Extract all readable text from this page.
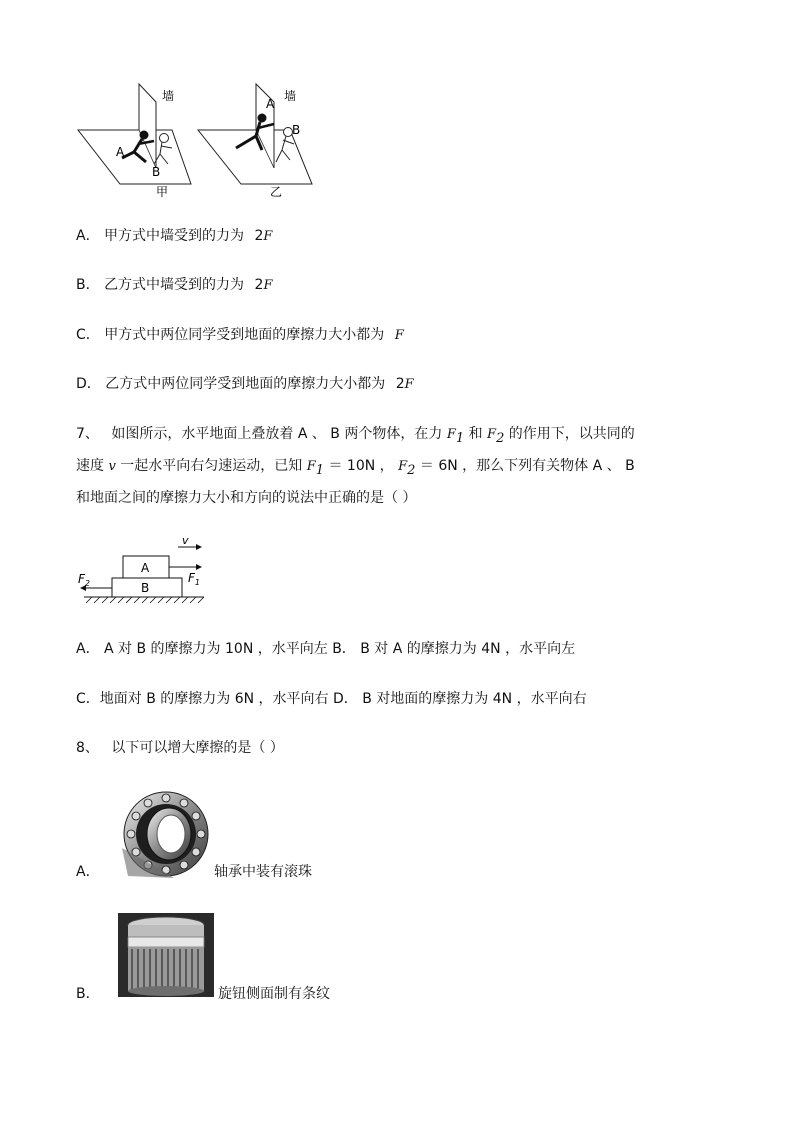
墙
A
B
甲
墙
A
B
乙
A． 甲方式中墙受到的力为 2F
B． 乙方式中墙受到的力为 2F
C． 甲方式中两位同学受到地面的摩擦力大小都为 F
D． 乙方式中两位同学受到地面的摩擦力大小都为 2F
7、 如图所示，水平地面上叠放着 A 、 B 两个物体，在力 $F_1$ 和 $F_2$ 的作用下，以共同的
速度 v 一起水平向右匀速运动，已知 $F_1 = 10N$ ， $F_2 = 6N$ ，那么下列有关物体 A 、 B
和地面之间的摩擦力大小和方向的说法中正确的是（ ）
v
A
B
$F_1$
$F_2$
A． A 对 B 的摩擦力为 10N ，水平向左 B． B 对 A 的摩擦力为 4N ，水平向左
C．地面对 B 的摩擦力为 6N ，水平向右 D． B 对地面的摩擦力为 4N ，水平向右
8、 以下可以增大摩擦的是（ ）
A．	轴承中装有滚珠
B．	旋钮侧面制有条纹
